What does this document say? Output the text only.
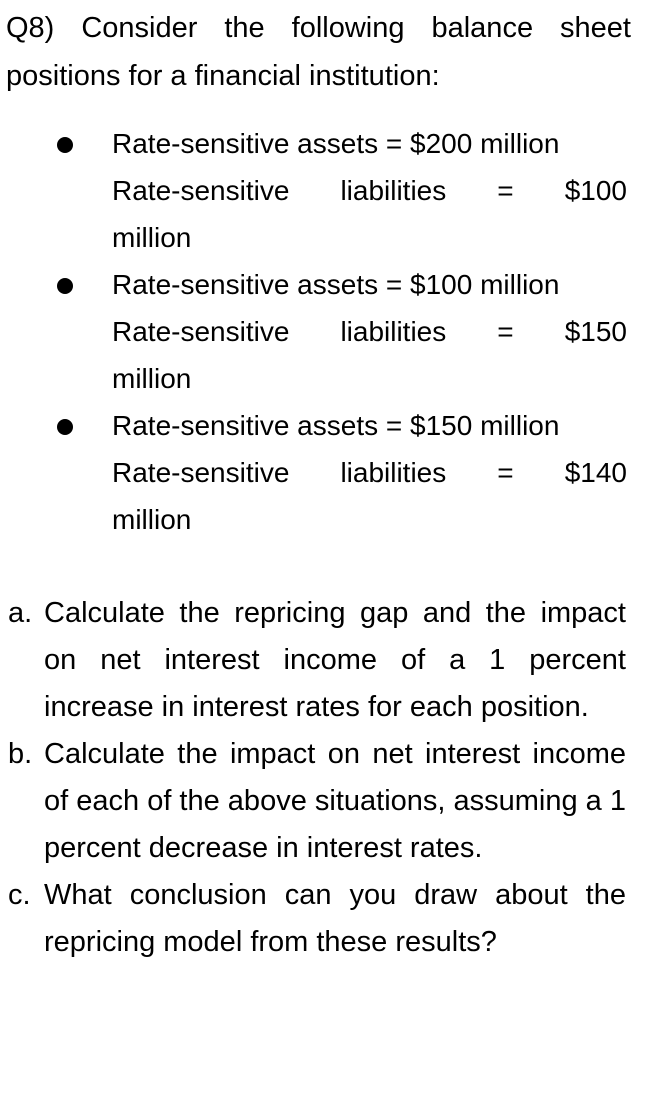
Q8) Consider the following balance sheet positions for a financial institution:

Rate-sensitive assets = $200 million
Rate-sensitive liabilities = $100
million
Rate-sensitive assets = $100 million
Rate-sensitive liabilities = $150
million
Rate-sensitive assets = $150 million
Rate-sensitive liabilities = $140
million
a. Calculate the repricing gap and the impact on net interest income of a 1 percent increase in interest rates for each position.
b. Calculate the impact on net interest income of each of the above situations, assuming a 1 percent decrease in interest rates.
c. What conclusion can you draw about the repricing model from these results?
